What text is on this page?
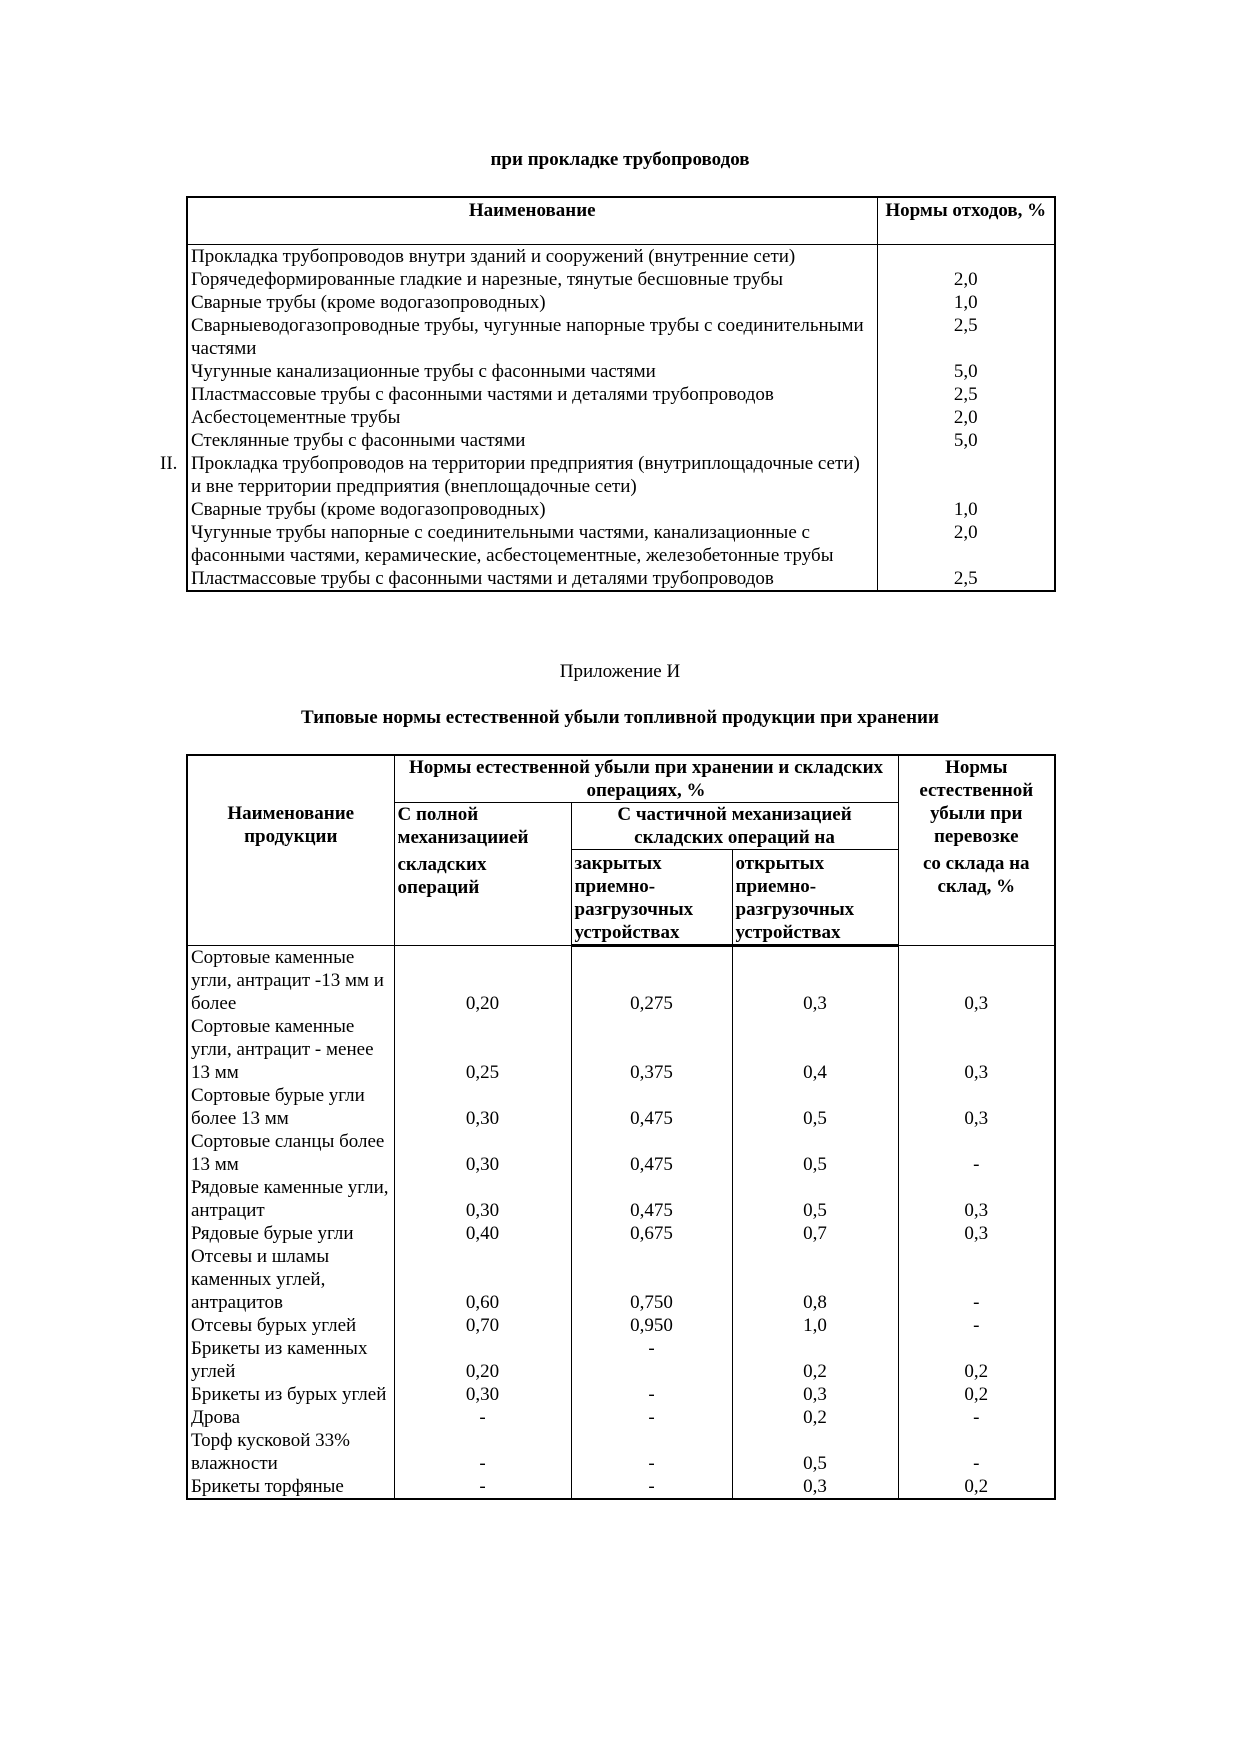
при прокладке трубопроводов
Наименование	Нормы отходов, %
Прокладка трубопроводов внутри зданий и сооружений (внутренние сети)	
Горячедеформированные гладкие и нарезные, тянутые бесшовные трубы	2,0
Сварные трубы (кроме водогазопроводных)	1,0
Сварныеводогазопроводные трубы, чугунные напорные трубы с соединительными частями	2,5
Чугунные канализационные трубы с фасонными частями	5,0
Пластмассовые трубы с фасонными частями и деталями трубопроводов	2,5
Асбестоцементные трубы	2,0
Стеклянные трубы с фасонными частями	5,0

II. Прокладка трубопроводов на территории предприятия (внутриплощадочные сети) и вне территории предприятия (внеплощадочные сети)	
Сварные трубы (кроме водогазопроводных)	1,0
Чугунные трубы напорные с соединительными частями, канализационные с фасонными частями, керамические, асбестоцементные, железобетонные трубы	2,0
Пластмассовые трубы с фасонными частями и деталями трубопроводов	2,5
Приложение И
Типовые нормы естественной убыли топливной продукции при хранении
Наименование продукции	Нормы естественной убыли при хранении и складских операциях, %			Нормы естественной убыли при перевозке
со склада на склад, %

	С полной механизациией
складских операций	С частичной механизацией складских операций на		
		закрытых приемно-разгрузочных устройствах	открытых приемно-разгрузочных устройствах	
Сортовые каменные угли, антрацит -13 мм и более	0,20	0,275	0,3	0,3
Сортовые каменные угли, антрацит - менее 13 мм	0,25	0,375	0,4	0,3
Сортовые бурые угли более 13 мм	0,30	0,475	0,5	0,3
Сортовые сланцы более 13 мм	0,30	0,475	0,5	-
Рядовые каменные угли, антрацит	0,30	0,475	0,5	0,3
Рядовые бурые угли	0,40	0,675	0,7	0,3
Отсевы и шламы каменных углей, антрацитов	0,60	0,750	0,8	-
Отсевы бурых углей	0,70	0,950	1,0	-
Брикеты из каменных углей	0,20	-	0,2	0,2
Брикеты из бурых углей	0,30	-	0,3	0,2
Дрова	-	-	0,2	-
Торф кусковой 33% влажности	-	-	0,5	-
Брикеты торфяные	-	-	0,3	0,2
